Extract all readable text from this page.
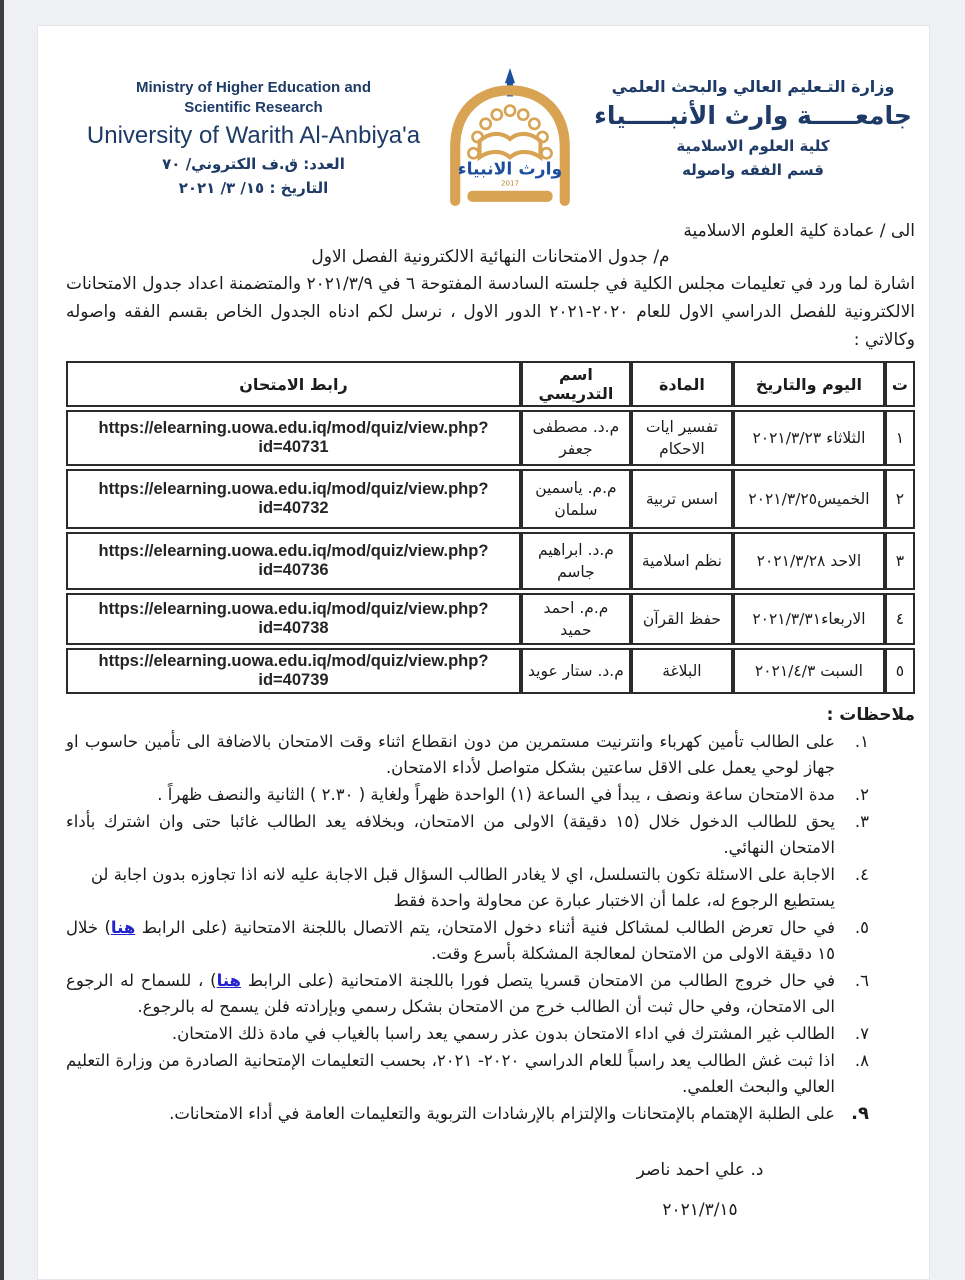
Ministry of Higher Education and
Scientific Research
University of Warith Al-Anbiya'a
العدد: ق.ف الكتروني/ ٧٠
التاريخ : ١٥/ ٣/ ٢٠٢١
وارث الانبياء
2017
وزارة التـعليم العالي والبحث العلمي
جامعـــــة وارث الأنبـــــياء
كلية العلوم الاسلامية
قسم الفقه واصوله
الى / عمادة كلية العلوم الاسلامية
م/ جدول الامتحانات النهائية الالكترونية الفصل الاول

اشارة لما ورد في تعليمات مجلس الكلية في جلسته السادسة المفتوحة ٦ في ٢٠٢١/٣/٩ والمتضمنة اعداد جدول الامتحانات الالكترونية للفصل الدراسي الاول للعام ٢٠٢٠-٢٠٢١ الدور الاول ، نرسل لكم ادناه الجدول الخاص بقسم الفقه واصوله وكالاتي :

ت	اليوم والتاريخ	المادة	اسم التدريسي	رابط الامتحان
١	الثلاثاء ٢٠٢١/٣/٢٣	تفسير ايات الاحكام	م.د. مصطفى جعفر	https://elearning.uowa.edu.iq/mod/quiz/view.php?id=40731
٢	الخميس٢٠٢١/٣/٢٥	اسس تربية	م.م. ياسمين سلمان	https://elearning.uowa.edu.iq/mod/quiz/view.php?id=40732
٣	الاحد ٢٠٢١/٣/٢٨	نظم اسلامية	م.د. ابراهيم جاسم	https://elearning.uowa.edu.iq/mod/quiz/view.php?id=40736
٤	الاربعاء٢٠٢١/٣/٣١	حفظ القرآن	م.م. احمد حميد	https://elearning.uowa.edu.iq/mod/quiz/view.php?id=40738
٥	السبت ٢٠٢١/٤/٣	البلاغة	م.د. ستار عويد	https://elearning.uowa.edu.iq/mod/quiz/view.php?id=40739
ملاحظات :
١.
على الطالب تأمين كهرباء وانترنيت مستمرين من دون انقطاع اثناء وقت الامتحان بالاضافة الى تأمين حاسوب او جهاز لوحي يعمل على الاقل ساعتين بشكل متواصل لأداء الامتحان.
٢.
مدة الامتحان ساعة ونصف ، يبدأ في الساعة (١) الواحدة ظهراً ولغاية ( ٢.٣٠ ) الثانية والنصف ظهراً .
٣.
يحق للطالب الدخول خلال (١٥ دقيقة) الاولى من الامتحان، وبخلافه يعد الطالب غائبا حتى وان اشترك بأداء الامتحان النهائي.
٤.
الاجابة على الاسئلة تكون بالتسلسل، اي لا يغادر الطالب السؤال قبل الاجابة عليه لانه اذا تجاوزه بدون اجابة لن يستطيع الرجوع له، علما أن الاختبار عبارة عن محاولة واحدة فقط
٥.
في حال تعرض الطالب لمشاكل فنية أثناء دخول الامتحان، يتم الاتصال باللجنة الامتحانية (على الرابط هنا) خلال ١٥ دقيقة الاولى من الامتحان لمعالجة المشكلة بأسرع وقت.
٦.
في حال خروج الطالب من الامتحان قسريا يتصل فورا باللجنة الامتحانية (على الرابط هنا) ، للسماح له الرجوع الى الامتحان، وفي حال ثبت أن الطالب خرج من الامتحان بشكل رسمي وبإرادته فلن يسمح له بالرجوع.
٧.
الطالب غير المشترك في اداء الامتحان بدون عذر رسمي يعد راسبا بالغياب في مادة ذلك الامتحان.
٨.
اذا ثبت غش الطالب يعد راسباً للعام الدراسي ٢٠٢٠- ٢٠٢١، بحسب التعليمات الإمتحانية الصادرة من وزارة التعليم العالي والبحث العلمي.
٩.
على الطلبة الإهتمام بالإمتحانات والإلتزام بالإرشادات التربوية والتعليمات العامة في أداء الامتحانات.
د. علي احمد ناصر
٢٠٢١/٣/١٥
